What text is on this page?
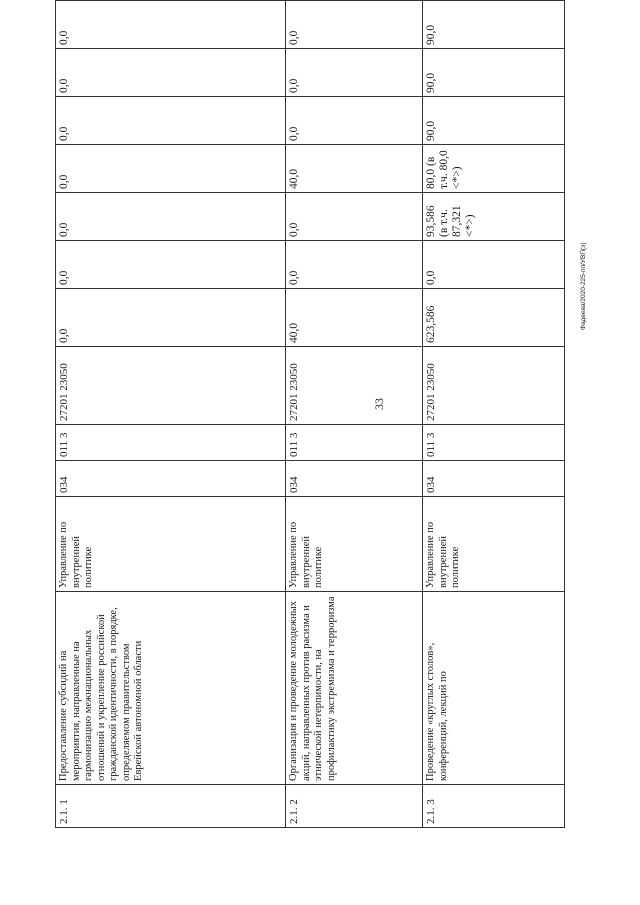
33
Фадеева/2020-225-пп/УВП(э)
2.1. 1	Предоставление субсидий на мероприятия, направленные на гармонизацию межнациональных отношений и укрепление российской гражданской идентичности, в порядке, определяемом правительством Еврейской автономной области	Управление по внутренней политике	034	011 3	27201 23050	0,0	0,0	0,0	0,0	0,0	0,0	0,0		
2.1. 2	Организация и проведение молодежных акций, направленных против расизма и этнической нетерпимости, на профилактику экстремизма и терроризма	Управление по внутренней политике	034	011 3	27201 23050	40,0	0,0	0,0	40,0	0,0	0,0	0,0		
2.1. 3	Проведение «круглых столов», конференций, лекций по	Управление по внутренней политике	034	011 3	27201 23050	623,586	0,0	93,586 (в т.ч. 87,321 <*>)	80,0 (в т.ч. 80,0 <*>)	90,0	90,0	90,0		
